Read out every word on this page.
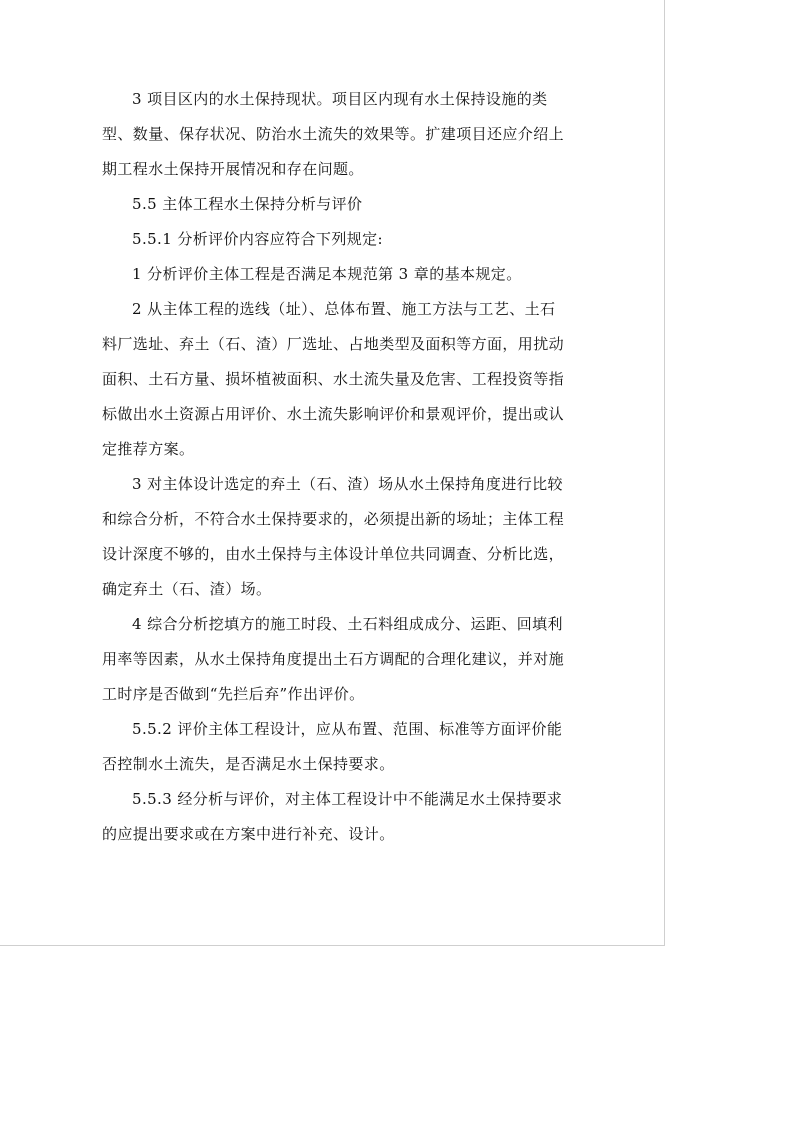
3 项目区内的水土保持现状。项目区内现有水土保持设施的类
型、数量、保存状况、防治水土流失的效果等。扩建项目还应介绍上
期工程水土保持开展情况和存在问题。
5.5 主体工程水土保持分析与评价
5.5.1 分析评价内容应符合下列规定:
1 分析评价主体工程是否满足本规范第 3 章的基本规定。
2 从主体工程的选线（址）、总体布置、施工方法与工艺、土石
料厂选址、弃土（石、渣）厂选址、占地类型及面积等方面，用扰动
面积、土石方量、损坏植被面积、水土流失量及危害、工程投资等指
标做出水土资源占用评价、水土流失影响评价和景观评价，提出或认
定推荐方案。
3 对主体设计选定的弃土（石、渣）场从水土保持角度进行比较
和综合分析，不符合水土保持要求的，必须提出新的场址；主体工程
设计深度不够的，由水土保持与主体设计单位共同调查、分析比选，
确定弃土（石、渣）场。
4 综合分析挖填方的施工时段、土石料组成成分、运距、回填利
用率等因素，从水土保持角度提出土石方调配的合理化建议，并对施
工时序是否做到“先拦后弃”作出评价。
5.5.2 评价主体工程设计，应从布置、范围、标准等方面评价能
否控制水土流失，是否满足水土保持要求。
5.5.3 经分析与评价，对主体工程设计中不能满足水土保持要求
的应提出要求或在方案中进行补充、设计。
